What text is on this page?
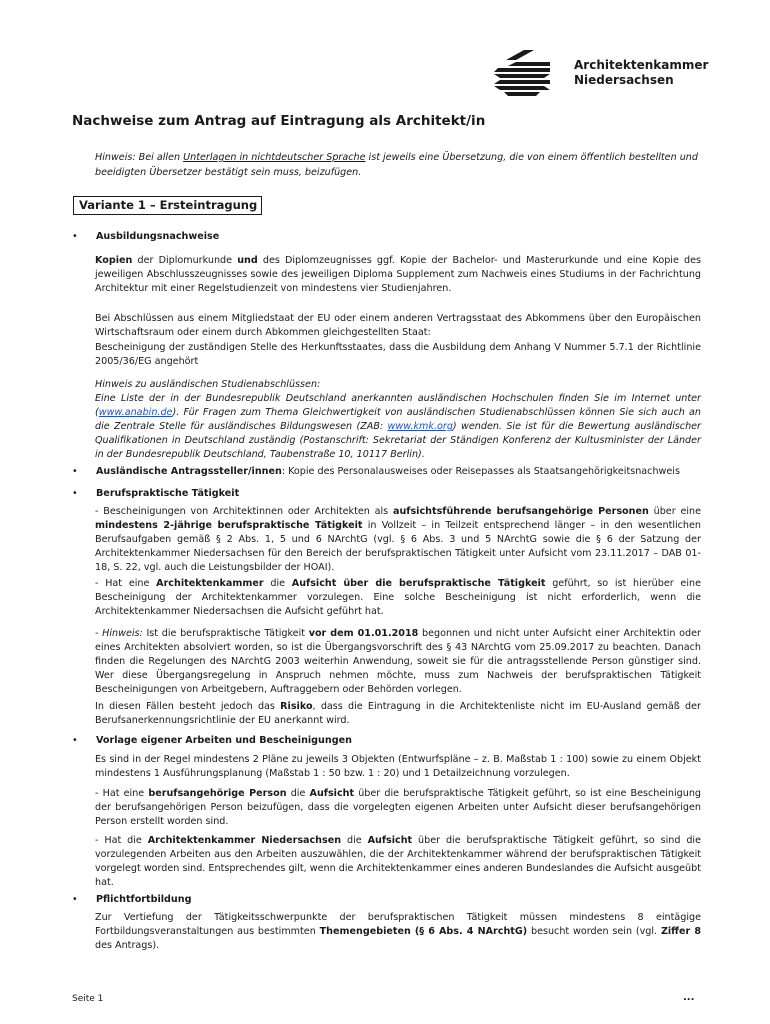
Architektenkammer
Niedersachsen
Nachweise zum Antrag auf Eintragung als Architekt/in
Hinweis: Bei allen Unterlagen in nichtdeutscher Sprache ist jeweils eine Übersetzung, die von einem öffentlich bestellten und beeidigten Übersetzer bestätigt sein muss, beizufügen.
Variante 1 – Ersteintragung
• Ausbildungsnachweise
Kopien der Diplomurkunde und des Diplomzeugnisses ggf. Kopie der Bachelor- und Masterurkunde und eine Kopie des jeweiligen Abschlusszeugnisses sowie des jeweiligen Diploma Supplement zum Nachweis eines Studiums in der Fachrichtung Architektur mit einer Regelstudienzeit von mindestens vier Studienjahren.
Bei Abschlüssen aus einem Mitgliedstaat der EU oder einem anderen Vertragsstaat des Abkommens über den Europäischen Wirtschaftsraum oder einem durch Abkommen gleichgestellten Staat:
Bescheinigung der zuständigen Stelle des Herkunftsstaates, dass die Ausbildung dem Anhang V Nummer 5.7.1 der Richtlinie 2005/36/EG angehört
Hinweis zu ausländischen Studienabschlüssen:
Eine Liste der in der Bundesrepublik Deutschland anerkannten ausländischen Hochschulen finden Sie im Internet unter (www.anabin.de). Für Fragen zum Thema Gleichwertigkeit von ausländischen Studienabschlüssen können Sie sich auch an die Zentrale Stelle für ausländisches Bildungswesen (ZAB: www.kmk.org) wenden. Sie ist für die Bewertung ausländischer Qualifikationen in Deutschland zuständig (Postanschrift: Sekretariat der Ständigen Konferenz der Kultusminister der Länder in der Bundesrepublik Deutschland, Taubenstraße 10, 10117 Berlin).
• Ausländische Antragssteller/innen: Kopie des Personalausweises oder Reisepasses als Staatsangehörigkeitsnachweis
• Berufspraktische Tätigkeit
- Bescheinigungen von Architektinnen oder Architekten als aufsichtsführende berufsangehörige Personen über eine mindestens 2-jährige berufspraktische Tätigkeit in Vollzeit – in Teilzeit entsprechend länger – in den wesentlichen Berufsaufgaben gemäß § 2 Abs. 1, 5 und 6 NArchtG (vgl. § 6 Abs. 3 und 5 NArchtG sowie die § 6 der Satzung der Architektenkammer Niedersachsen für den Bereich der berufspraktischen Tätigkeit unter Aufsicht vom 23.11.2017 – DAB 01-18, S. 22, vgl. auch die Leistungsbilder der HOAI).
- Hat eine Architektenkammer die Aufsicht über die berufspraktische Tätigkeit geführt, so ist hierüber eine Bescheinigung der Architektenkammer vorzulegen. Eine solche Bescheinigung ist nicht erforderlich, wenn die Architektenkammer Niedersachsen die Aufsicht geführt hat.
- Hinweis: Ist die berufspraktische Tätigkeit vor dem 01.01.2018 begonnen und nicht unter Aufsicht einer Architektin oder eines Architekten absolviert worden, so ist die Übergangsvorschrift des § 43 NArchtG vom 25.09.2017 zu beachten. Danach finden die Regelungen des NArchtG 2003 weiterhin Anwendung, soweit sie für die antragsstellende Person günstiger sind. Wer diese Übergangsregelung in Anspruch nehmen möchte, muss zum Nachweis der berufspraktischen Tätigkeit Bescheinigungen von Arbeitgebern, Auftraggebern oder Behörden vorlegen.
In diesen Fällen besteht jedoch das Risiko, dass die Eintragung in die Architektenliste nicht im EU-Ausland gemäß der Berufsanerkennungsrichtlinie der EU anerkannt wird.
• Vorlage eigener Arbeiten und Bescheinigungen
Es sind in der Regel mindestens 2 Pläne zu jeweils 3 Objekten (Entwurfspläne – z. B. Maßstab 1 : 100) sowie zu einem Objekt mindestens 1 Ausführungsplanung (Maßstab 1 : 50 bzw. 1 : 20) und 1 Detailzeichnung vorzulegen.
- Hat eine berufsangehörige Person die Aufsicht über die berufspraktische Tätigkeit geführt, so ist eine Bescheinigung der berufsangehörigen Person beizufügen, dass die vorgelegten eigenen Arbeiten unter Aufsicht dieser berufsangehörigen Person erstellt worden sind.
- Hat die Architektenkammer Niedersachsen die Aufsicht über die berufspraktische Tätigkeit geführt, so sind die vorzulegenden Arbeiten aus den Arbeiten auszuwählen, die der Architektenkammer während der berufspraktischen Tätigkeit vorgelegt worden sind. Entsprechendes gilt, wenn die Architektenkammer eines anderen Bundeslandes die Aufsicht ausgeübt hat.
• Pflichtfortbildung
Zur Vertiefung der Tätigkeitsschwerpunkte der berufspraktischen Tätigkeit müssen mindestens 8 eintägige Fortbildungsveranstaltungen aus bestimmten Themengebieten (§ 6 Abs. 4 NArchtG) besucht worden sein (vgl. Ziffer 8 des Antrags).
Seite 1	...
